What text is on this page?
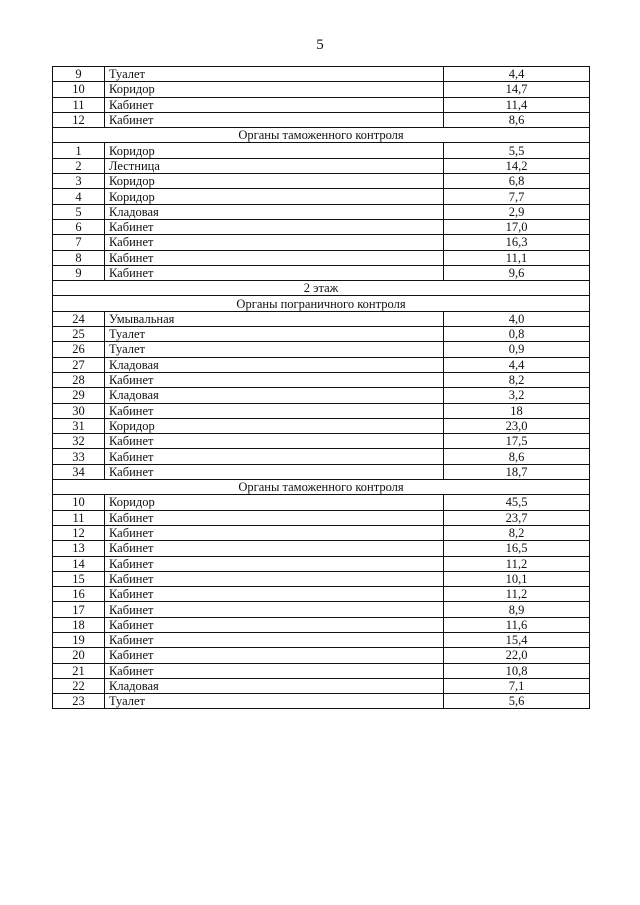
5
9	Туалет	4,4
10	Коридор	14,7
11	Кабинет	11,4
12	Кабинет	8,6
Органы таможенного контроля		
1	Коридор	5,5
2	Лестница	14,2
3	Коридор	6,8
4	Коридор	7,7
5	Кладовая	2,9
6	Кабинет	17,0
7	Кабинет	16,3
8	Кабинет	11,1
9	Кабинет	9,6
2 этаж		
Органы пограничного контроля		
24	Умывальная	4,0
25	Туалет	0,8
26	Туалет	0,9
27	Кладовая	4,4
28	Кабинет	8,2
29	Кладовая	3,2
30	Кабинет	18
31	Коридор	23,0
32	Кабинет	17,5
33	Кабинет	8,6
34	Кабинет	18,7
Органы таможенного контроля		
10	Коридор	45,5
11	Кабинет	23,7
12	Кабинет	8,2
13	Кабинет	16,5
14	Кабинет	11,2
15	Кабинет	10,1
16	Кабинет	11,2
17	Кабинет	8,9
18	Кабинет	11,6
19	Кабинет	15,4
20	Кабинет	22,0
21	Кабинет	10,8
22	Кладовая	7,1
23	Туалет	5,6
